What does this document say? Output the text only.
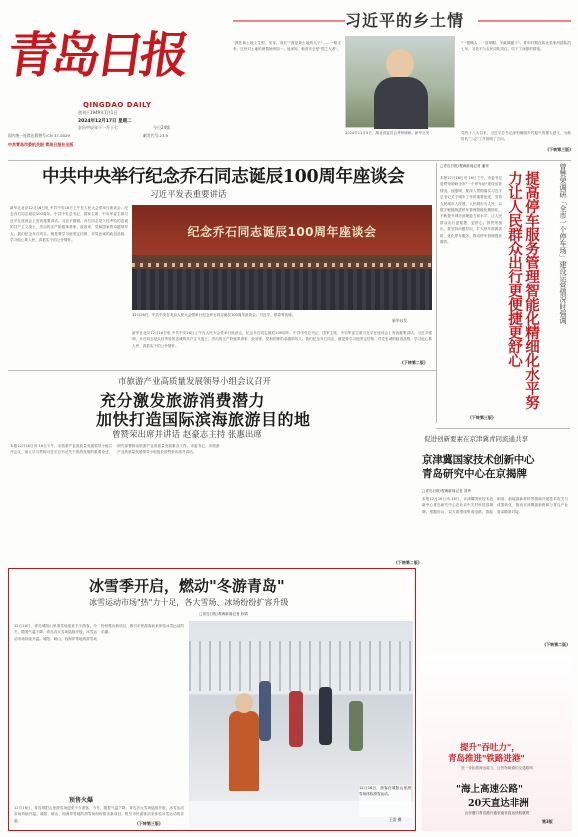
青岛日报
QINGDAO DAILY
创刊于1949年7月1日
2024年12月17日 星期二
农历甲辰年十一月十七	今日24版
国内统一连续出版物号:CN 37-0029	邮发代号:23-9
中共青岛市委机关报 青岛日报社出版
习近平的乡土情
"我在黄土地上生根、发芽、成长""我是黄土地的儿子"……一路走来，这份对土地的深情始终如一。他深知，粮食安全是"国之大者"。
"一根锄头、一顶草帽，半截裤腿子"。青年时期在陕北梁家河插队的七年，习近平与农民同吃同住，结下了深厚的情谊。
2024年11月5日，湖北省委员会考察调研。新华社发	党的十八大以来，习近平总书记深刻阐明乡村振兴的重大意义，为新时代"三农"工作指明了方向。
(下转第三版)
中共中央举行纪念乔石同志诞辰100周年座谈会
习近平发表重要讲话
新华社北京12月16日电 中共中央16日上午在人民大会堂举行座谈会，纪念乔石同志诞辰100周年。中共中央总书记、国家主席、中央军委主席习近平在座谈会上发表重要讲话。习近平强调，乔石同志是久经考验的忠诚的共产主义战士、杰出的无产阶级革命家、政治家，党和国家的卓越领导人。我们纪念乔石同志，就是要学习他坚定信仰、对党忠诚的政治品格，学习他心系人民、真抓实干的公仆情怀。
纪念乔石同志诞辰100周年座谈会
12月16日，中共中央在北京人民大会堂举行纪念乔石同志诞辰100周年座谈会。习近平、蔡奇等出席。
新华社发
新华社北京12月16日电 中共中央16日上午在人民大会堂举行座谈会，纪念乔石同志诞辰100周年。中共中央总书记、国家主席、中央军委主席习近平在座谈会上发表重要讲话。习近平强调，乔石同志是久经考验的忠诚的共产主义战士、杰出的无产阶级革命家、政治家，党和国家的卓越领导人。我们纪念乔石同志，就是要学习他坚定信仰、对党忠诚的政治品格，学习他心系人民、真抓实干的公仆情怀。
(下转第二版)
□青岛日报/观海新闻记者 潘荣
本报12月16日讯 16日下午，市委书记曾赞荣调研全市"一个停车场"建设运营情况。他强调，要深入贯彻落实习近平总书记关于城市工作的重要论述，坚持人民城市人民建、人民城市为人民，以数字赋能推进停车管理智能化精细化，不断提升城市治理能力和水平，让人民群众出行更便捷、更舒心。曾赞荣指出，要坚持问题导向，扩大停车资源供给，优化停车服务，推动停车管理提质增效。	提高停车服务管理智能化精细化水平努力让人民群众出行更便捷更舒心	曾赞荣调研「全市一个停车场」建设运营情况时强调
(下转第三版)
市旅游产业高质量发展领导小组会议召开
充分激发旅游消费潜力
加快打造国际滨海旅游目的地
曾赞荣出席并讲话 赵豪志主持 张惠出席
本报12月16日讯 16日下午，市旅游产业高质量发展领导小组召开会议，深入学习贯彻习近平总书记关于旅游发展的重要论述，研究部署推动旅游产业高质量发展重点工作。市委书记、市旅游产业高质量发展领导小组组长曾赞荣出席并讲话。
(下转第二版)
促进创新要素在京津冀青同流通共享
京津冀国家技术创新中心
青岛研究中心在京揭牌
□青岛日报/观海新闻记者 刘秀
本报12月16日讯 16日，京津冀国家技术创新中心青岛研究中心在北京中关村科技园揭牌。根据协议，双方将围绕集成电路、智能制造、新能源新材料等领域开展技术攻关与成果转化，推动京津冀创新资源与青岛产业需求精准对接。
(下转第二版)
冰雪季开启，燃动"冬游青岛"
冰雪运动市场"热"力十足，各大雪场、冰场纷纷扩容升级
□青岛日报/观海新闻记者 孙婧
12月16日，青岛城阳山里滑雪场迎来不少游客。今冬，随着气温下降，青岛各大雪场陆续开板，冰雪运动市场持续升温。城阳、崂山、西海岸等地的滑雪场纷纷推出新项目，吸引市民游客前来体验冰雪运动的乐趣。
预售火爆
12月16日，青岛城阳山里滑雪场迎来不少游客。今冬，随着气温下降，青岛各大雪场陆续开板，冰雪运动市场持续升温。城阳、崂山、西海岸等地的滑雪场纷纷推出新项目，吸引市民游客前来体验冰雪运动的乐趣。
(下转第三版)
12月16日，游客在城阳山里滑雪场体验滑雪运动。
王雷 摄
提升"吞吐力"，
青岛推进"铁路进港"
进一步拓展海运能力，让货物畅通的交通路网
"海上高速公路"
20天直达非洲
山东港口青岛港开通至南非直达快航航班
第3版
